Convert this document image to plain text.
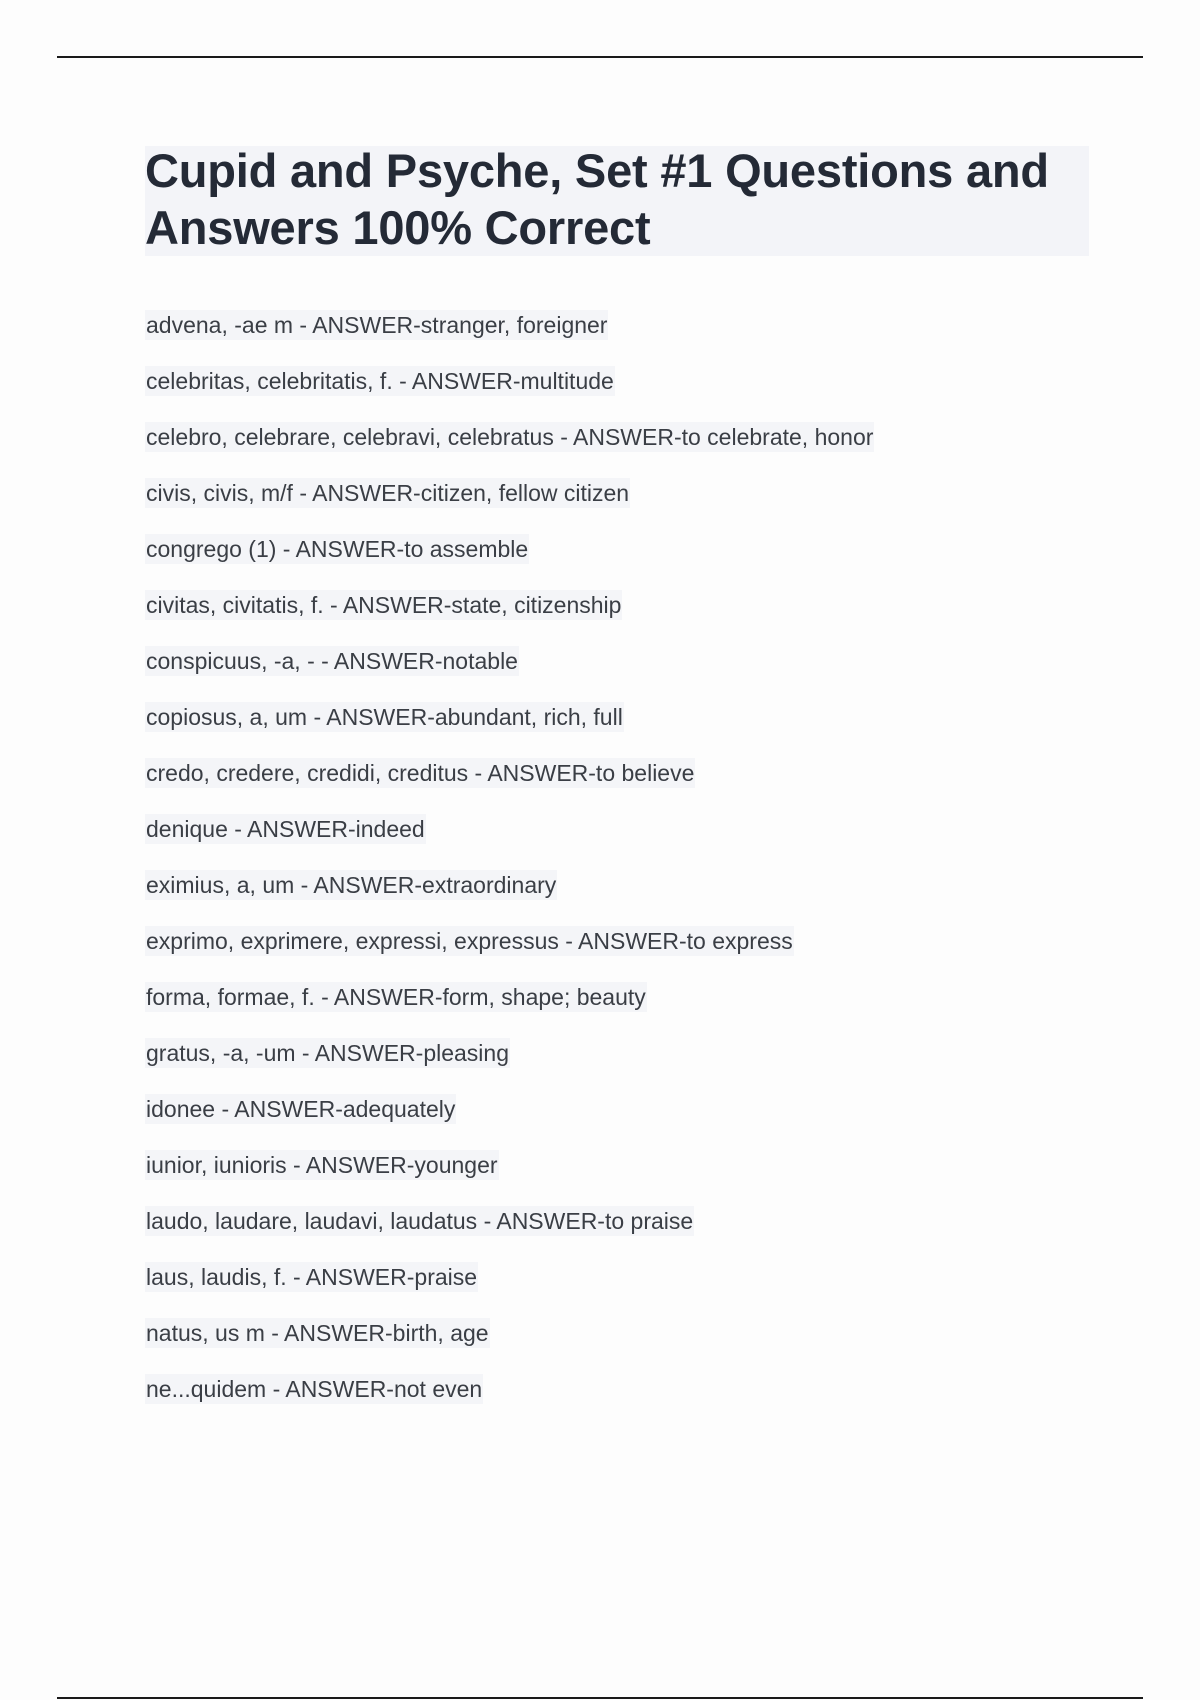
Cupid and Psyche, Set #1 Questions and Answers 100% Correct
advena, -ae m - ANSWER-stranger, foreigner
celebritas, celebritatis, f. - ANSWER-multitude
celebro, celebrare, celebravi, celebratus - ANSWER-to celebrate, honor
civis, civis, m/f - ANSWER-citizen, fellow citizen
congrego (1) - ANSWER-to assemble
civitas, civitatis, f. - ANSWER-state, citizenship
conspicuus, -a, - - ANSWER-notable
copiosus, a, um - ANSWER-abundant, rich, full
credo, credere, credidi, creditus - ANSWER-to believe
denique - ANSWER-indeed
eximius, a, um - ANSWER-extraordinary
exprimo, exprimere, expressi, expressus - ANSWER-to express
forma, formae, f. - ANSWER-form, shape; beauty
gratus, -a, -um - ANSWER-pleasing
idonee - ANSWER-adequately
iunior, iunioris - ANSWER-younger
laudo, laudare, laudavi, laudatus - ANSWER-to praise
laus, laudis, f. - ANSWER-praise
natus, us m - ANSWER-birth, age
ne...quidem - ANSWER-not even
